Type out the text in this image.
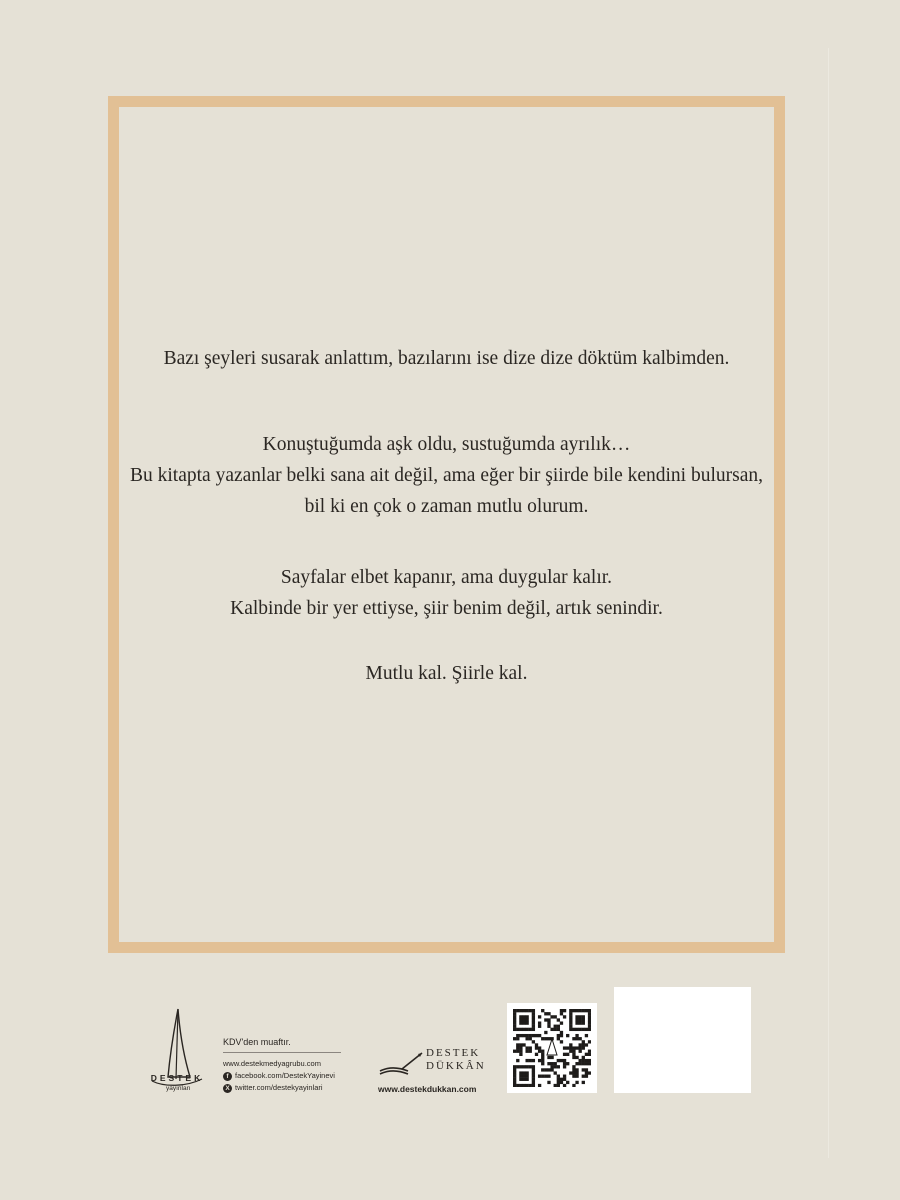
Bazı şeyleri susarak anlattım, bazılarını ise dize dize döktüm kalbimden.

Konuştuğumda aşk oldu, sustuğumda ayrılık…

Bu kitapta yazanlar belki sana ait değil, ama eğer bir şiirde bile kendini bulursan, bil ki en çok o zaman mutlu olurum.

Sayfalar elbet kapanır, ama duygular kalır.

Kalbinde bir yer ettiyse, şiir benim değil, artık senindir.

Mutlu kal. Şiirle kal.

DESTEK
yayınları
KDV'den muaftır.
www.destekmedyagrubu.com
f facebook.com/DestekYayinevi
X twitter.com/destekyayinlari
DESTEK
DÜKKÂN
www.destekdukkan.com
